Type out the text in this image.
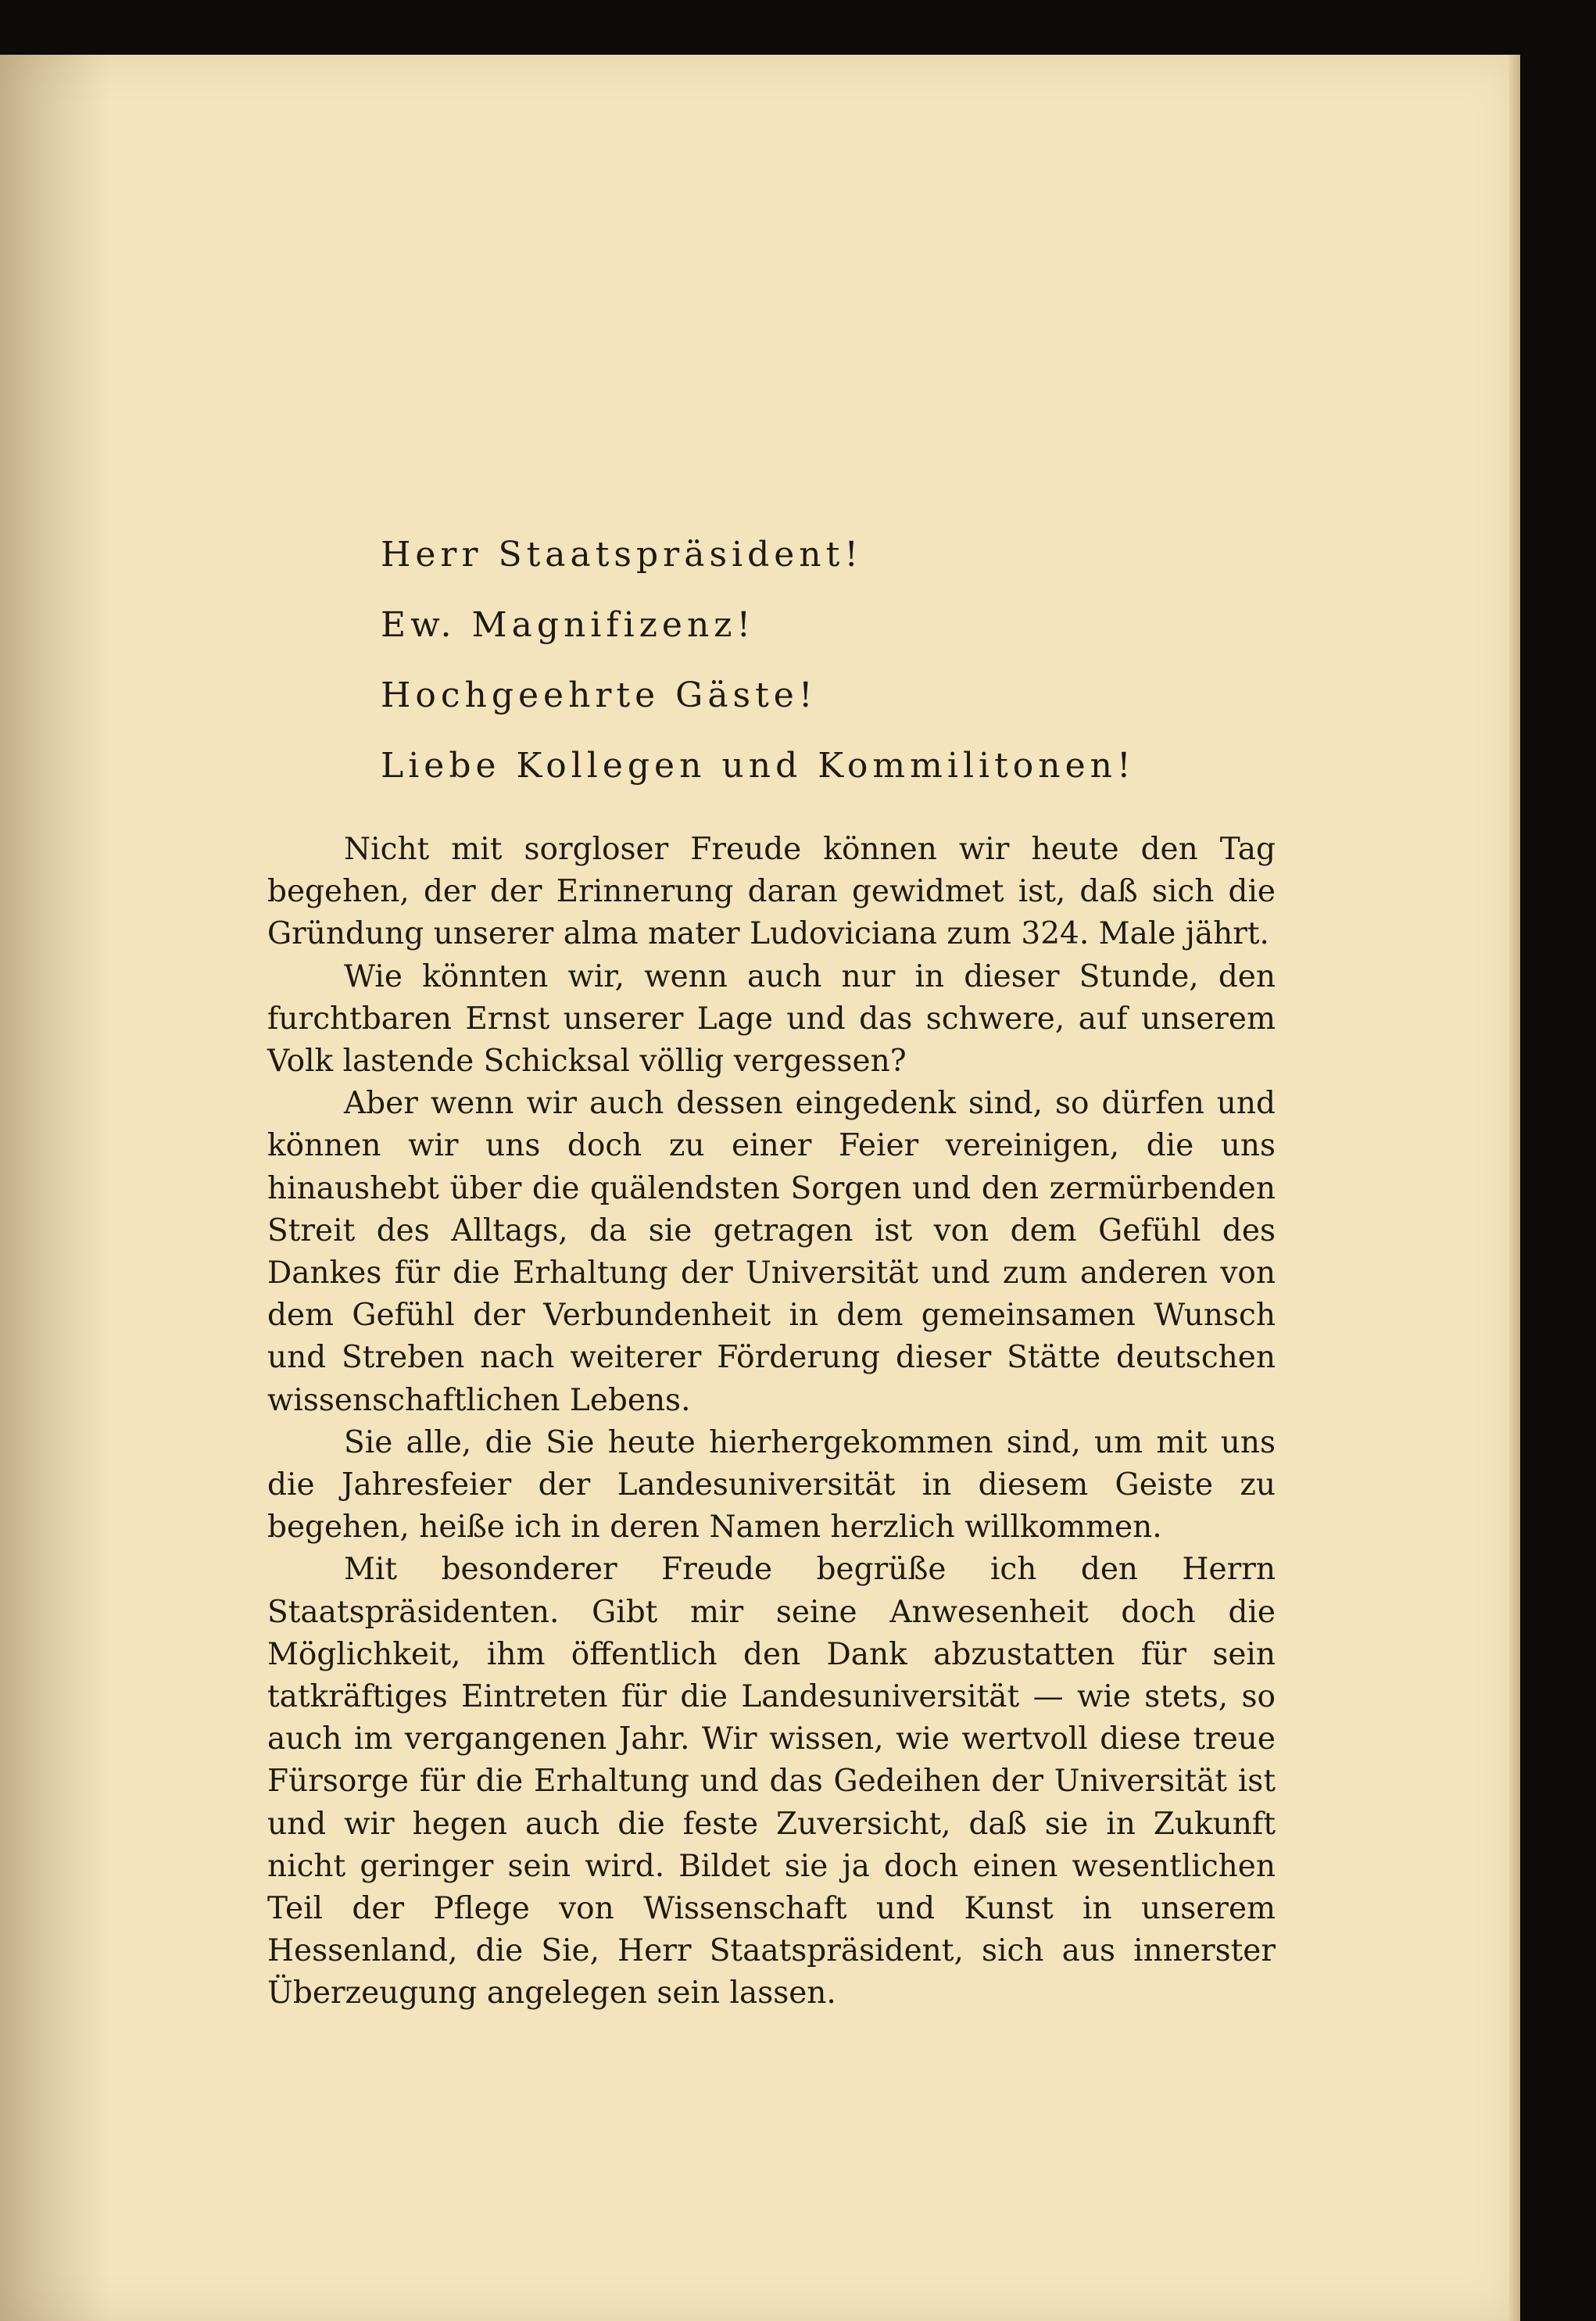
Herr Staatspräsident!
Ew. Magnifizenz!
Hochgeehrte Gäste!
Liebe Kollegen und Kommilitonen!

Nicht mit sorgloser Freude können wir heute den Tag begehen, der der Erinnerung daran gewidmet ist, daß sich die Gründung unserer alma mater Ludoviciana zum 324. Male jährt.

Wie könnten wir, wenn auch nur in dieser Stunde, den furchtbaren Ernst unserer Lage und das schwere, auf unserem Volk lastende Schicksal völlig vergessen?

Aber wenn wir auch dessen eingedenk sind, so dürfen und können wir uns doch zu einer Feier vereinigen, die uns hinaushebt über die quälendsten Sorgen und den zermürbenden Streit des Alltags, da sie getragen ist von dem Gefühl des Dankes für die Erhaltung der Universität und zum anderen von dem Gefühl der Verbundenheit in dem gemeinsamen Wunsch und Streben nach weiterer Förderung dieser Stätte deutschen wissenschaftlichen Lebens.

Sie alle, die Sie heute hierhergekommen sind, um mit uns die Jahresfeier der Landesuniversität in diesem Geiste zu begehen, heiße ich in deren Namen herzlich willkommen.

Mit besonderer Freude begrüße ich den Herrn Staatspräsidenten. Gibt mir seine Anwesenheit doch die Möglichkeit, ihm öffentlich den Dank abzustatten für sein tatkräftiges Eintreten für die Landesuniversität — wie stets, so auch im vergangenen Jahr. Wir wissen, wie wertvoll diese treue Fürsorge für die Erhaltung und das Gedeihen der Universität ist und wir hegen auch die feste Zuversicht, daß sie in Zukunft nicht geringer sein wird. Bildet sie ja doch einen wesentlichen Teil der Pflege von Wissenschaft und Kunst in unserem Hessenland, die Sie, Herr Staatspräsident, sich aus innerster Überzeugung angelegen sein lassen.
